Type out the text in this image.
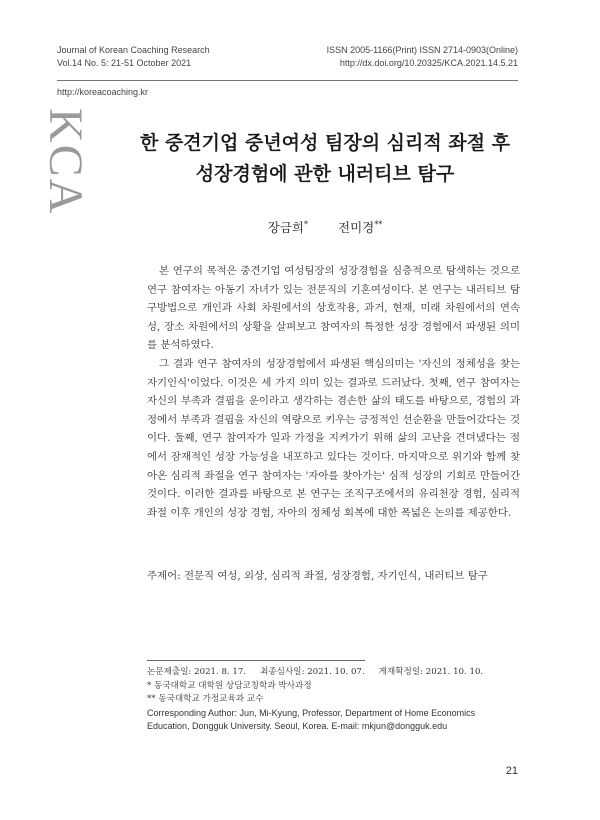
Journal of Korean Coaching Research
Vol.14 No. 5: 21-51 October 2021
ISSN 2005-1166(Print) ISSN 2714-0903(Online)
http://dx.doi.org/10.20325/KCA.2021.14.5.21
http://koreacoaching.kr
KCA	한 중견기업 중년여성 팀장의 심리적 좌절 후
성장경험에 관한 내러티브 탐구
장금희* 전미경**

본 연구의 목적은 중견기업 여성팀장의 성장경험을 심층적으로 탐색하는 것으로 연구 참여자는 아동기 자녀가 있는 전문직의 기혼여성이다. 본 연구는 내러티브 탐구방법으로 개인과 사회 차원에서의 상호작용, 과거, 현재, 미래 차원에서의 연속성, 장소 차원에서의 상황을 살펴보고 참여자의 특정한 성장 경험에서 파생된 의미를 분석하였다.

그 결과 연구 참여자의 성장경험에서 파생된 핵심의미는 '자신의 정체성을 찾는 자기인식'이었다. 이것은 세 가지 의미 있는 결과로 드러났다. 첫째, 연구 참여자는 자신의 부족과 결핍을 운이라고 생각하는 겸손한 삶의 태도를 바탕으로, 경험의 과정에서 부족과 결핍을 자신의 역량으로 키우는 긍정적인 선순환을 만들어갔다는 것이다. 둘째, 연구 참여자가 일과 가정을 지켜가기 위해 삶의 고난을 견뎌냈다는 점에서 잠재적인 성장 가능성을 내포하고 있다는 것이다. 마지막으로 위기와 함께 찾아온 심리적 좌절을 연구 참여자는 '자아를 찾아가는' 심적 성장의 기회로 만들어간 것이다. 이러한 결과를 바탕으로 본 연구는 조직구조에서의 유리천장 경험, 심리적 좌절 이후 개인의 성장 경험, 자아의 정체성 회복에 대한 폭넓은 논의를 제공한다.

주제어: 전문직 여성, 외상, 심리적 좌절, 성장경험, 자기인식, 내러티브 탐구
논문제출일: 2021. 8. 17. 최종심사일: 2021. 10. 07. 게재확정일: 2021. 10. 10.
* 동국대학교 대학원 상담코칭학과 박사과정
** 동국대학교 가정교육과 교수
Corresponding Author: Jun, Mi-Kyung, Professor, Department of Home Economics Education, Dongguk University. Seoul, Korea. E-mail: mkjun@dongguk.edu
21
